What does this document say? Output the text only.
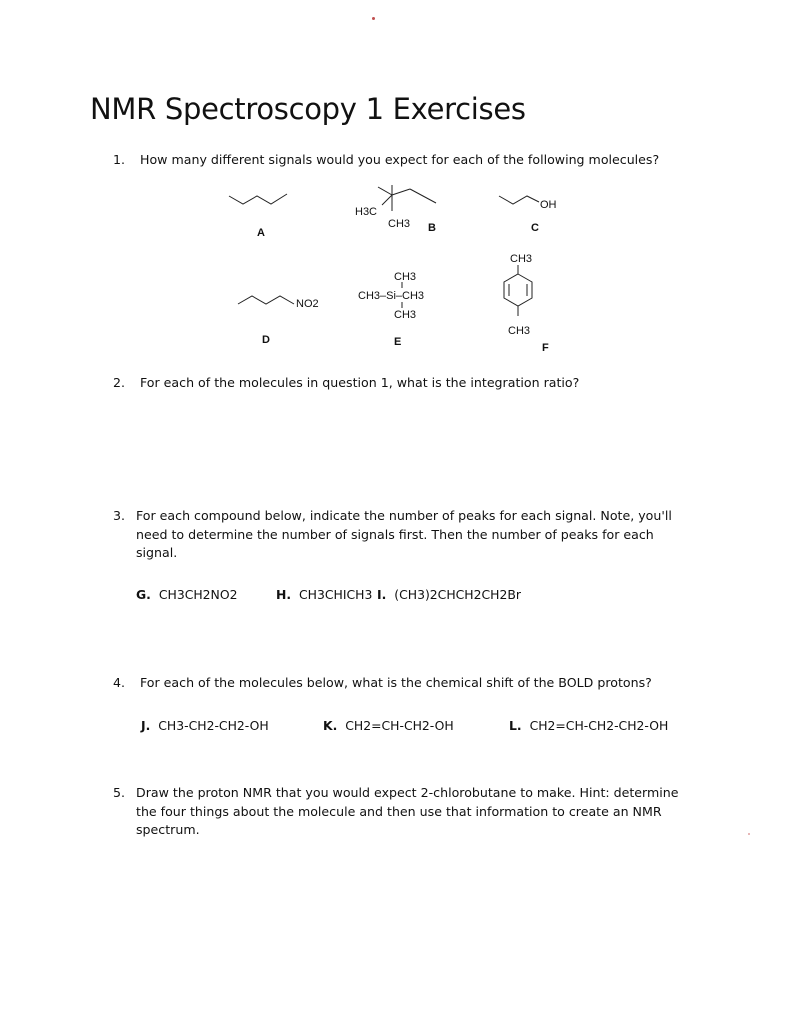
NMR Spectroscopy 1 Exercises
1. How many different signals would you expect for each of the following molecules?
A
H3C
CH3 B
OH
C
NO2
D
CH3
CH3–Si–CH3
CH3
E
CH3
CH3
F
2. For each of the molecules in question 1, what is the integration ratio?
3. For each compound below, indicate the number of peaks for each signal. Note, you'll need to determine the number of signals first. Then the number of peaks for each signal.
G. CH3CH2NO2	H. CH3CHICH3 I. (CH3)2CHCH2CH2Br
4. For each of the molecules below, what is the chemical shift of the BOLD protons?
J. CH3-CH2-CH2-OH	K. CH2=CH-CH2-OH	L. CH2=CH-CH2-CH2-OH
5. Draw the proton NMR that you would expect 2-chlorobutane to make. Hint: determine the four things about the molecule and then use that information to create an NMR spectrum.
